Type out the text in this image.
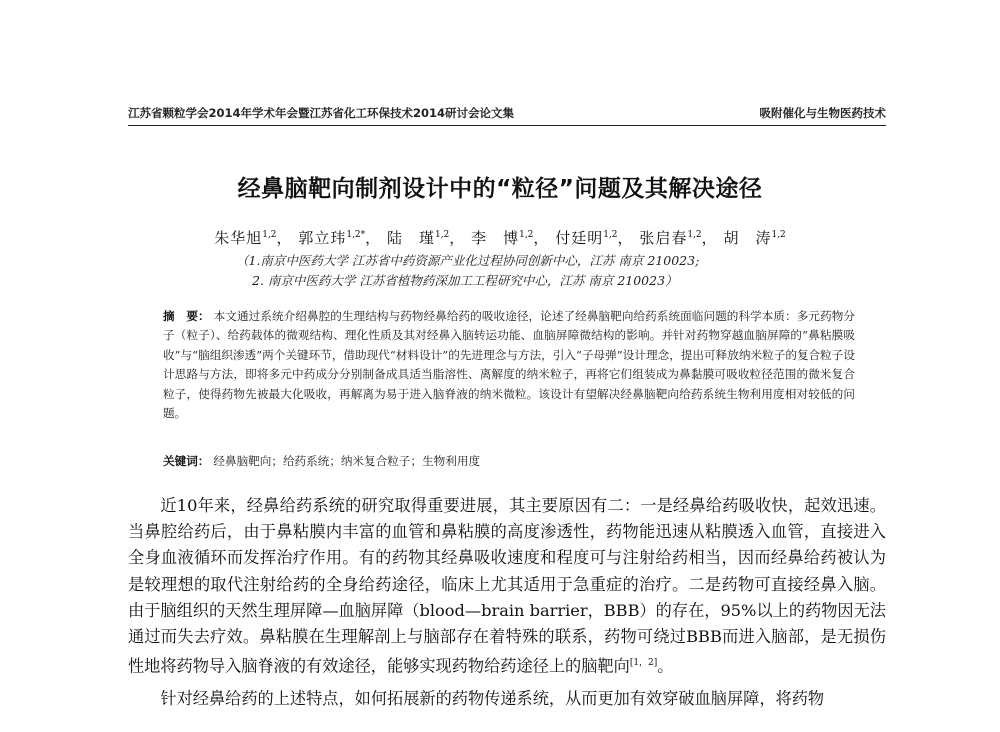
江苏省颗粒学会2014年学术年会暨江苏省化工环保技术2014研讨会论文集	吸附催化与生物医药技术
经鼻脑靶向制剂设计中的“粒径”问题及其解决途径
朱华旭$^{1,2}$， 郭立玮$^{1,2*}$， 陆　瑾$^{1,2}$， 李　博$^{1,2}$， 付廷明$^{1,2}$， 张启春$^{1,2}$， 胡　涛$^{1,2}$
（1.南京中医药大学 江苏省中药资源产业化过程协同创新中心，江苏 南京 210023;
2. 南京中医药大学 江苏省植物药深加工工程研究中心，江苏 南京 210023）
摘　要： 本文通过系统介绍鼻腔的生理结构与药物经鼻给药的吸收途径，论述了经鼻脑靶向给药系统面临问题的科学本质：多元药物分子（粒子）、给药载体的微观结构、理化性质及其对经鼻入脑转运功能、血脑屏障微结构的影响。并针对药物穿越血脑屏障的“鼻粘膜吸收”与“脑组织渗透”两个关键环节，借助现代“材料设计”的先进理念与方法，引入“子母弹”设计理念，提出可释放纳米粒子的复合粒子设计思路与方法，即将多元中药成分分别制备成具适当脂溶性、离解度的纳米粒子，再将它们组装成为鼻黏膜可吸收粒径范围的微米复合粒子，使得药物先被最大化吸收，再解离为易于进入脑脊液的纳米微粒。该设计有望解决经鼻脑靶向给药系统生物利用度相对较低的问题。
关键词： 经鼻脑靶向；给药系统；纳米复合粒子；生物利用度

近10年来，经鼻给药系统的研究取得重要进展，其主要原因有二：一是经鼻给药吸收快，起效迅速。当鼻腔给药后，由于鼻粘膜内丰富的血管和鼻粘膜的高度渗透性，药物能迅速从粘膜透入血管，直接进入全身血液循环而发挥治疗作用。有的药物其经鼻吸收速度和程度可与注射给药相当，因而经鼻给药被认为是较理想的取代注射给药的全身给药途径，临床上尤其适用于急重症的治疗。二是药物可直接经鼻入脑。由于脑组织的天然生理屏障—血脑屏障（blood—brain barrier，BBB）的存在，95%以上的药物因无法通过而失去疗效。鼻粘膜在生理解剖上与脑部存在着特殊的联系，药物可绕过BBB而进入脑部，是无损伤性地将药物导入脑脊液的有效途径，能够实现药物给药途径上的脑靶向[1，2]。

针对经鼻给药的上述特点，如何拓展新的药物传递系统，从而更加有效穿破血脑屏障，将药物
